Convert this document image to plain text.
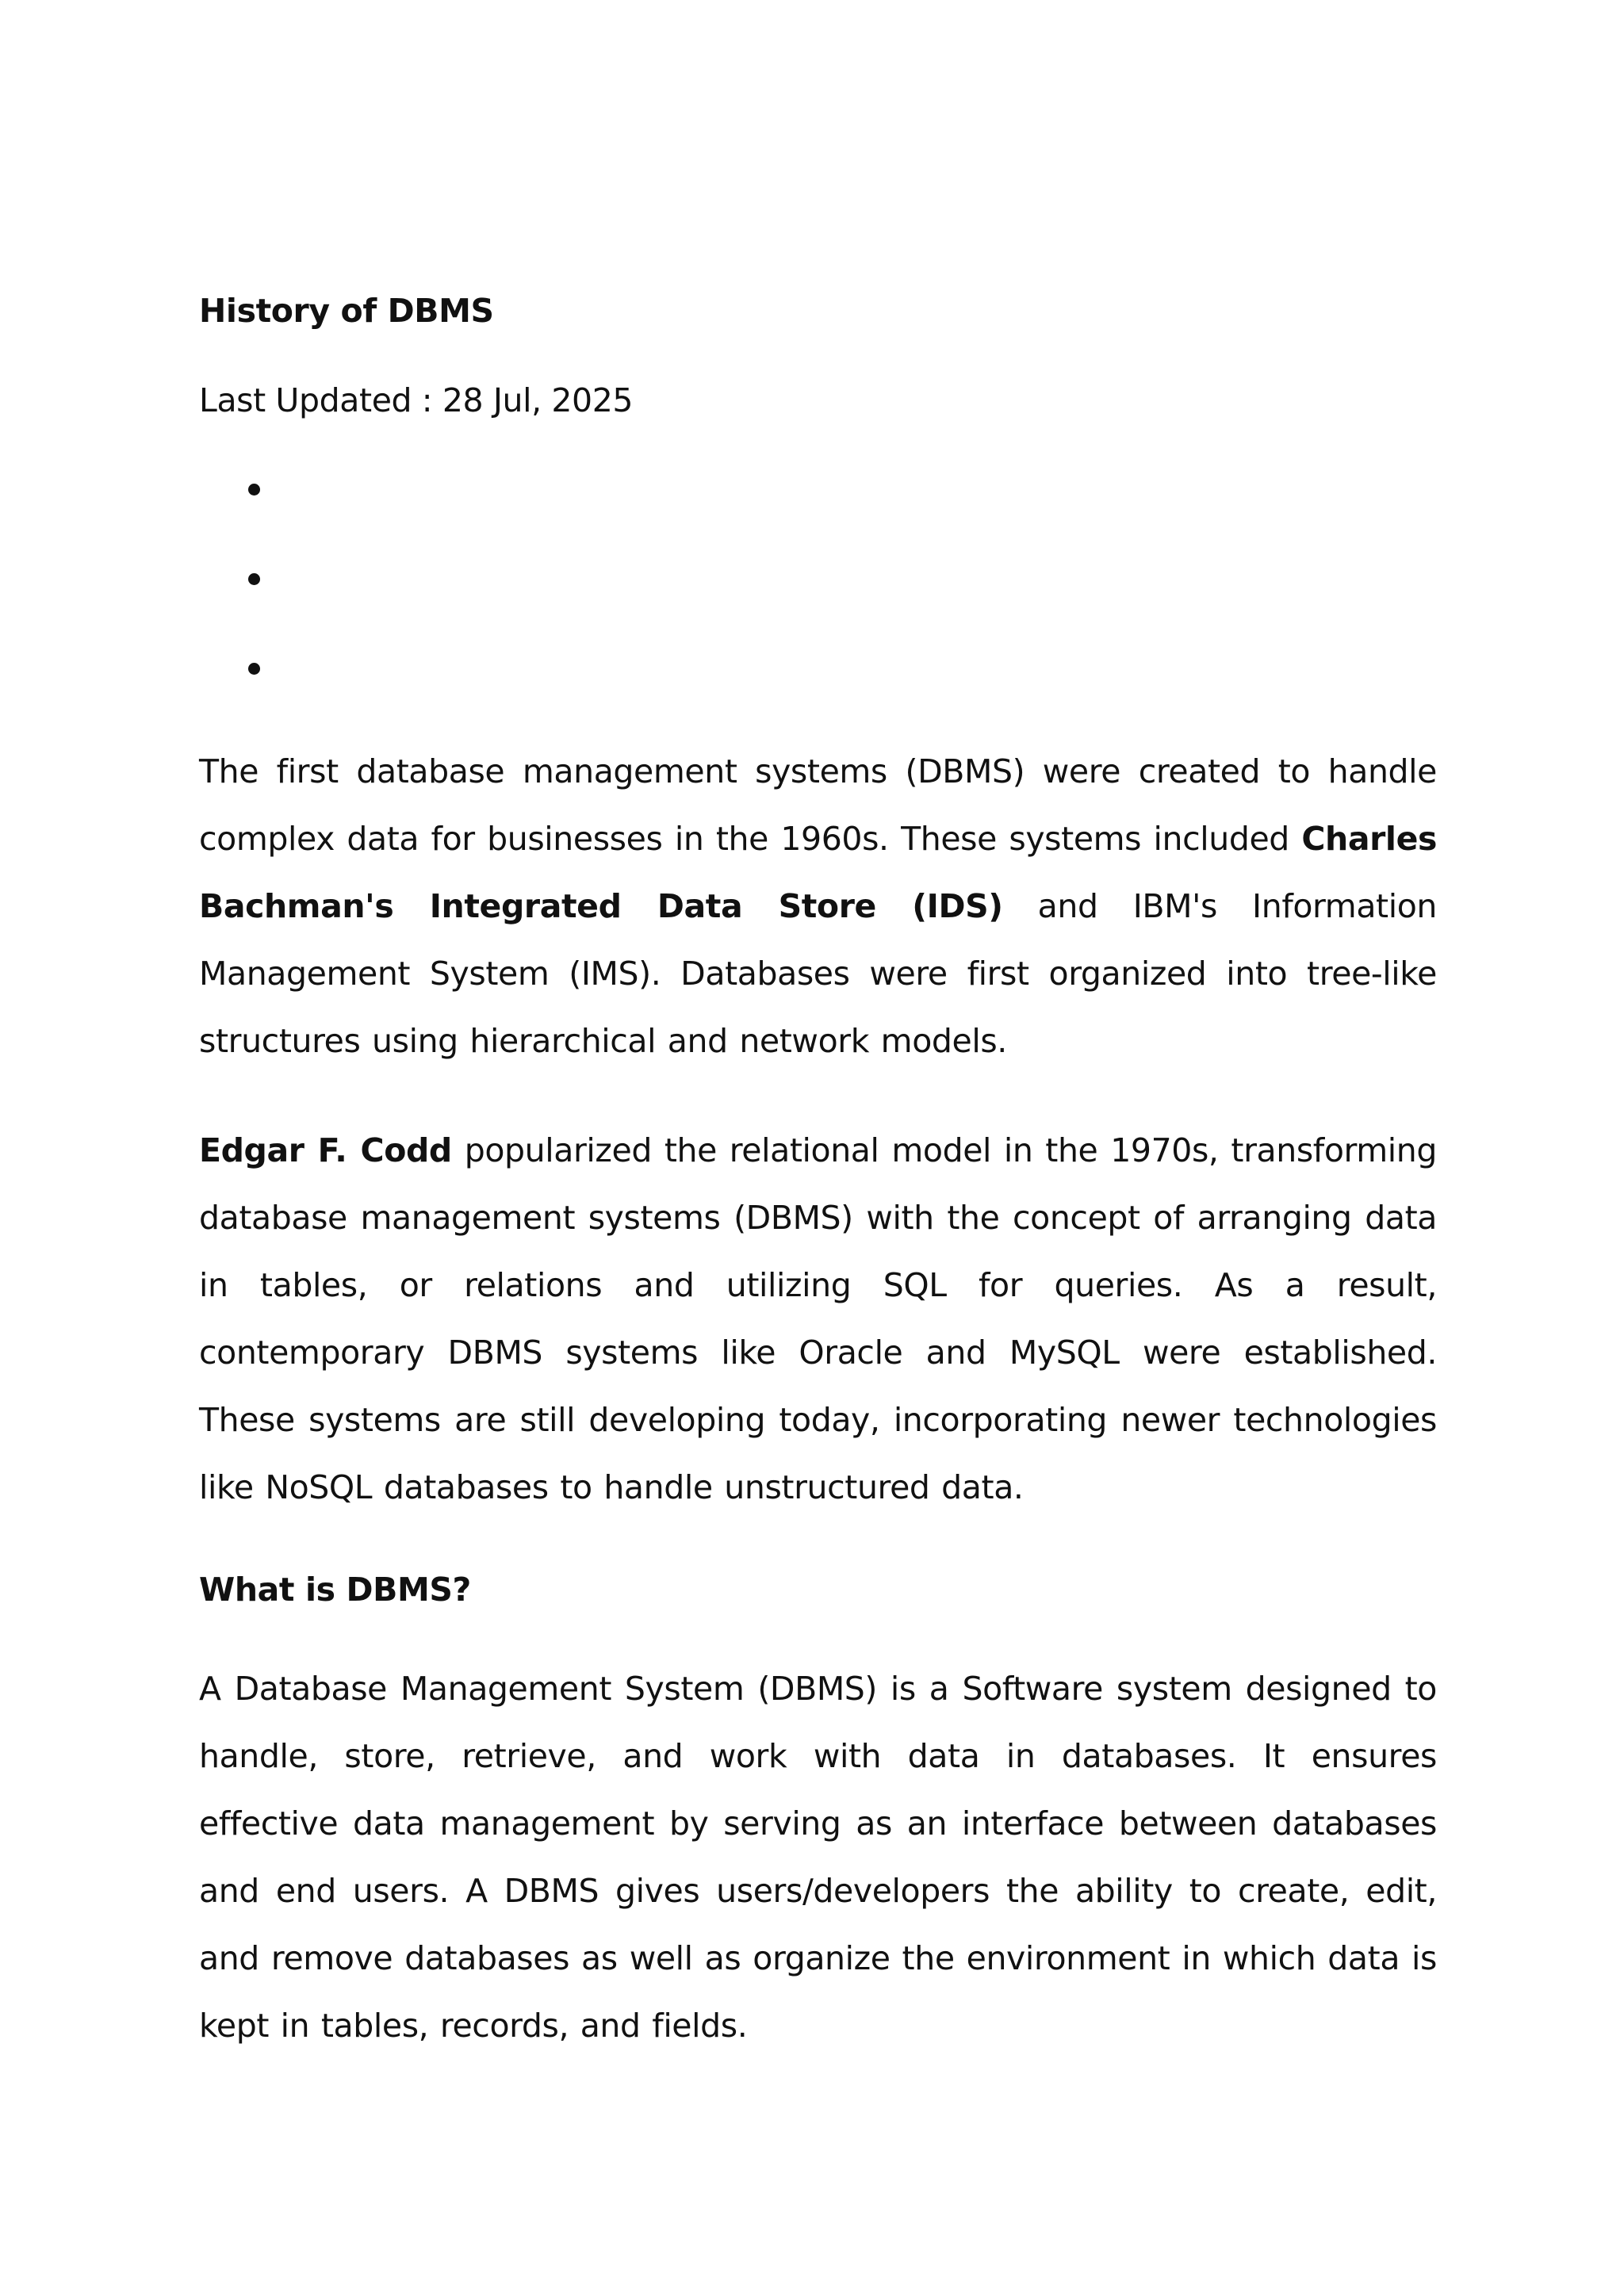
History of DBMS
Last Updated : 28 Jul, 2025

The first database management systems (DBMS) were created to handle complex data for businesses in the 1960s. These systems included Charles Bachman's Integrated Data Store (IDS) and IBM's Information Management System (IMS). Databases were first organized into tree-like structures using hierarchical and network models.

Edgar F. Codd popularized the relational model in the 1970s, transforming database management systems (DBMS) with the concept of arranging data in tables, or relations and utilizing SQL for queries. As a result, contemporary DBMS systems like Oracle and MySQL were established. These systems are still developing today, incorporating newer technologies like NoSQL databases to handle unstructured data.

What is DBMS?

A Database Management System (DBMS) is a Software system designed to handle, store, retrieve, and work with data in databases. It ensures effective data management by serving as an interface between databases and end users. A DBMS gives users/developers the ability to create, edit, and remove databases as well as organize the environment in which data is kept in tables, records, and fields.
